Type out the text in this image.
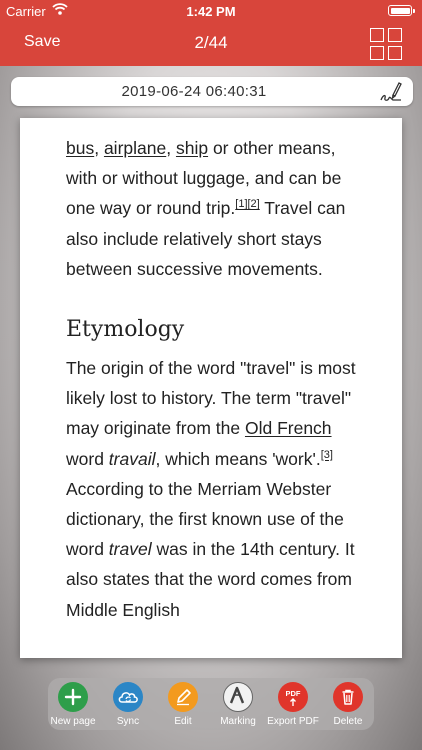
Carrier	1:42 PM
Save	2/44
2019-06-24 06:40:31

bus, airplane, ship or other means, with or without luggage, and can be one way or round trip.[1][2] Travel can also include relatively short stays between successive movements.

Etymology

The origin of the word "travel" is most likely lost to history. The term "travel" may originate from the Old French word travail, which means 'work'.[3] According to the Merriam Webster dictionary, the first known use of the word travel was in the 14th century. It also states that the word comes from Middle English

New page	Sync	Edit	Marking
PDF
Export PDF	Delete
